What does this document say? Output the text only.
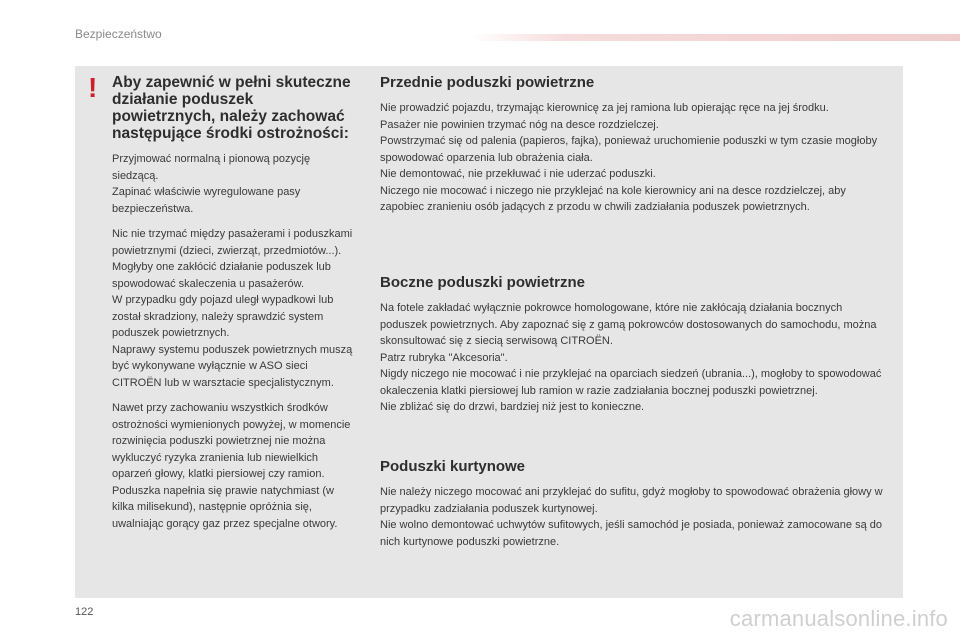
Bezpieczeństwo
! Aby zapewnić w pełni skuteczne działanie poduszek powietrznych, należy zachować następujące środki ostrożności:

Przyjmować normalną i pionową pozycję siedzącą.
Zapinać właściwie wyregulowane pasy bezpieczeństwa.

Nic nie trzymać między pasażerami i poduszkami powietrznymi (dzieci, zwierząt, przedmiotów...). Mogłyby one zakłócić działanie poduszek lub spowodować skaleczenia u pasażerów.
W przypadku gdy pojazd uległ wypadkowi lub został skradziony, należy sprawdzić system poduszek powietrznych.
Naprawy systemu poduszek powietrznych muszą być wykonywane wyłącznie w ASO sieci CITROËN lub w warsztacie specjalistycznym.

Nawet przy zachowaniu wszystkich środków ostrożności wymienionych powyżej, w momencie rozwinięcia poduszki powietrznej nie można wykluczyć ryzyka zranienia lub niewielkich oparzeń głowy, klatki piersiowej czy ramion. Poduszka napełnia się prawie natychmiast (w kilka milisekund), następnie opróżnia się, uwalniając gorący gaz przez specjalne otwory.

Przednie poduszki powietrzne

Nie prowadzić pojazdu, trzymając kierownicę za jej ramiona lub opierając ręce na jej środku.
Pasażer nie powinien trzymać nóg na desce rozdzielczej.
Powstrzymać się od palenia (papieros, fajka), ponieważ uruchomienie poduszki w tym czasie mogłoby spowodować oparzenia lub obrażenia ciała.
Nie demontować, nie przekłuwać i nie uderzać poduszki.
Niczego nie mocować i niczego nie przyklejać na kole kierownicy ani na desce rozdzielczej, aby zapobiec zranieniu osób jadących z przodu w chwili zadziałania poduszek powietrznych.

Boczne poduszki powietrzne

Na fotele zakładać wyłącznie pokrowce homologowane, które nie zakłócają działania bocznych poduszek powietrznych. Aby zapoznać się z gamą pokrowców dostosowanych do samochodu, można skonsultować się z siecią serwisową CITROËN.
Patrz rubryka "Akcesoria".
Nigdy niczego nie mocować i nie przyklejać na oparciach siedzeń (ubrania...), mogłoby to spowodować okaleczenia klatki piersiowej lub ramion w razie zadziałania bocznej poduszki powietrznej.
Nie zbliżać się do drzwi, bardziej niż jest to konieczne.

Poduszki kurtynowe

Nie należy niczego mocować ani przyklejać do sufitu, gdyż mogłoby to spowodować obrażenia głowy w przypadku zadziałania poduszek kurtynowej.
Nie wolno demontować uchwytów sufitowych, jeśli samochód je posiada, ponieważ zamocowane są do nich kurtynowe poduszki powietrzne.

122	carmanualsonline.info
